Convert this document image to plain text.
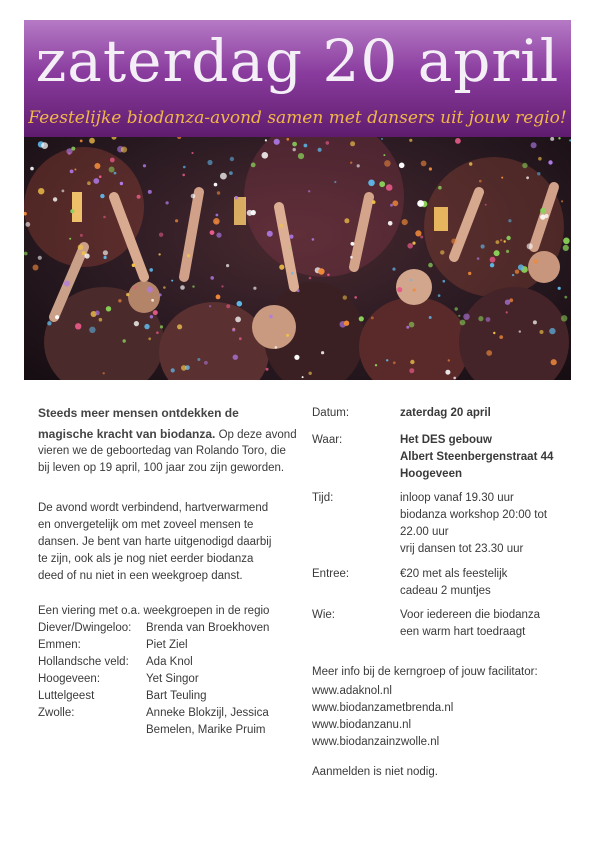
zaterdag 20 april
Feestelijke biodanza-avond samen met dansers uit jouw regio!
Steeds meer mensen ontdekken de
magische kracht van biodanza. Op deze avond
vieren we de geboortedag van Rolando Toro, die
bij leven op 19 april, 100 jaar zou zijn geworden.
De avond wordt verbindend, hartverwarmend
en onvergetelijk om met zoveel mensen te
dansen. Je bent van harte uitgenodigd daarbij
te zijn, ook als je nog niet eerder biodanza
deed of nu niet in een weekgroep danst.
Een viering met o.a. weekgroepen in de regio
Diever/Dwingeloo: Brenda van Broekhoven
Emmen:	Piet Ziel
Hollandsche veld: Ada Knol
Hoogeveen:	Yet Singor
Luttelgeest	Bart Teuling
Zwolle:	Anneke Blokzijl, Jessica
Bemelen, Marike Pruim
Datum:	zaterdag 20 april
Waar:	Het DES gebouw
Albert Steenbergenstraat 44
Hoogeveen
Tijd:	inloop vanaf 19.30 uur
biodanza workshop 20:00 tot
22.00 uur
vrij dansen tot 23.30 uur
Entree:	€20 met als feestelijk
cadeau 2 muntjes
Wie:	Voor iedereen die biodanza
een warm hart toedraagt
Meer info bij de kerngroep of jouw facilitator:
www.adaknol.nl
www.biodanzametbrenda.nl
www.biodanzanu.nl
www.biodanzainzwolle.nl
Aanmelden is niet nodig.
